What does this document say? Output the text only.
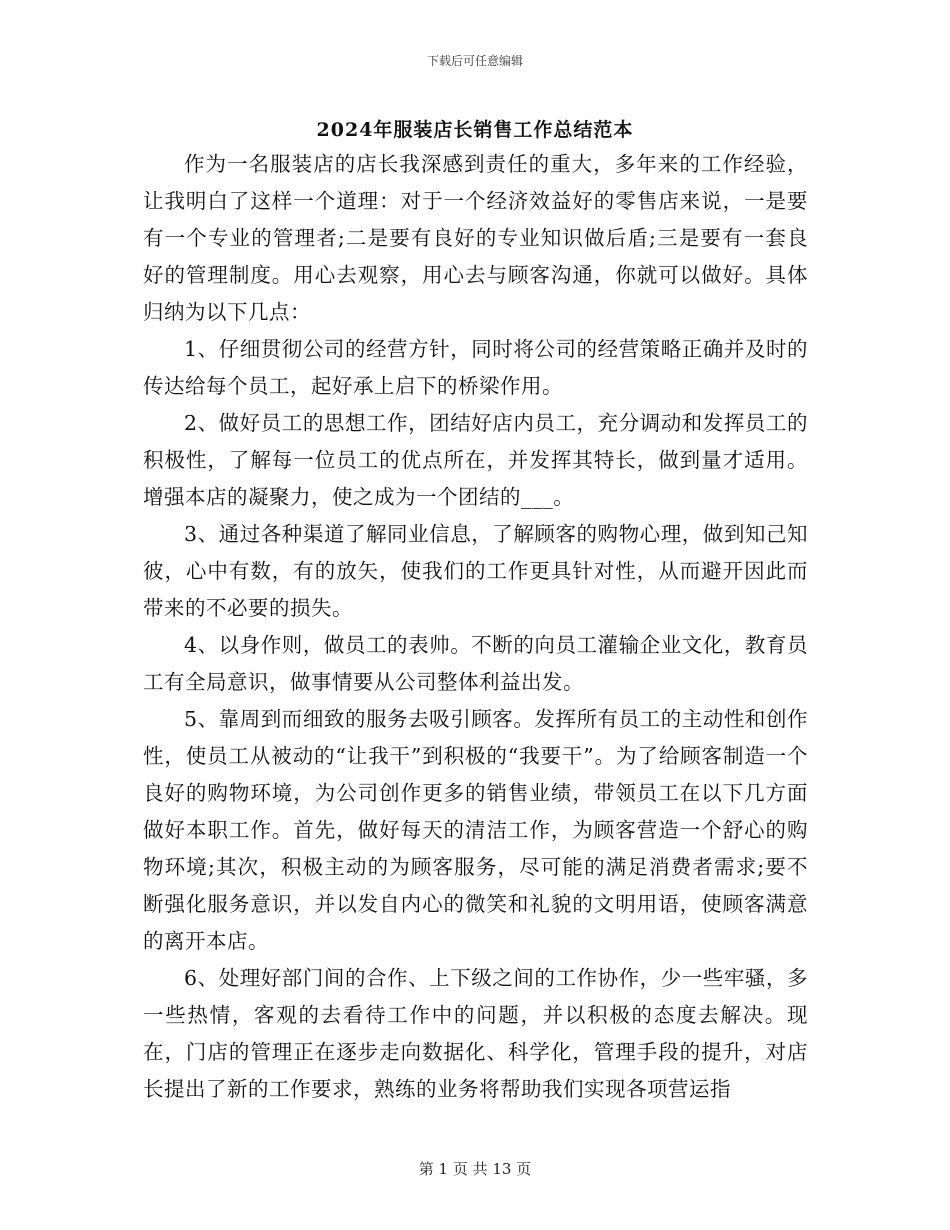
下载后可任意编辑
2024年服装店长销售工作总结范本

作为一名服装店的店长我深感到责任的重大，多年来的工作经验，让我明白了这样一个道理：对于一个经济效益好的零售店来说，一是要有一个专业的管理者;二是要有良好的专业知识做后盾;三是要有一套良好的管理制度。用心去观察，用心去与顾客沟通，你就可以做好。具体归纳为以下几点：

1、仔细贯彻公司的经营方针，同时将公司的经营策略正确并及时的传达给每个员工，起好承上启下的桥梁作用。

2、做好员工的思想工作，团结好店内员工，充分调动和发挥员工的积极性，了解每一位员工的优点所在，并发挥其特长，做到量才适用。增强本店的凝聚力，使之成为一个团结的___。

3、通过各种渠道了解同业信息，了解顾客的购物心理，做到知己知彼，心中有数，有的放矢，使我们的工作更具针对性，从而避开因此而带来的不必要的损失。

4、以身作则，做员工的表帅。不断的向员工灌输企业文化，教育员工有全局意识，做事情要从公司整体利益出发。

5、靠周到而细致的服务去吸引顾客。发挥所有员工的主动性和创作性，使员工从被动的“让我干”到积极的“我要干”。为了给顾客制造一个良好的购物环境，为公司创作更多的销售业绩，带领员工在以下几方面做好本职工作。首先，做好每天的清洁工作，为顾客营造一个舒心的购物环境;其次，积极主动的为顾客服务，尽可能的满足消费者需求;要不断强化服务意识，并以发自内心的微笑和礼貌的文明用语，使顾客满意的离开本店。

6、处理好部门间的合作、上下级之间的工作协作，少一些牢骚，多一些热情，客观的去看待工作中的问题，并以积极的态度去解决。现在，门店的管理正在逐步走向数据化、科学化，管理手段的提升，对店长提出了新的工作要求，熟练的业务将帮助我们实现各项营运指

第 1 页 共 13 页
